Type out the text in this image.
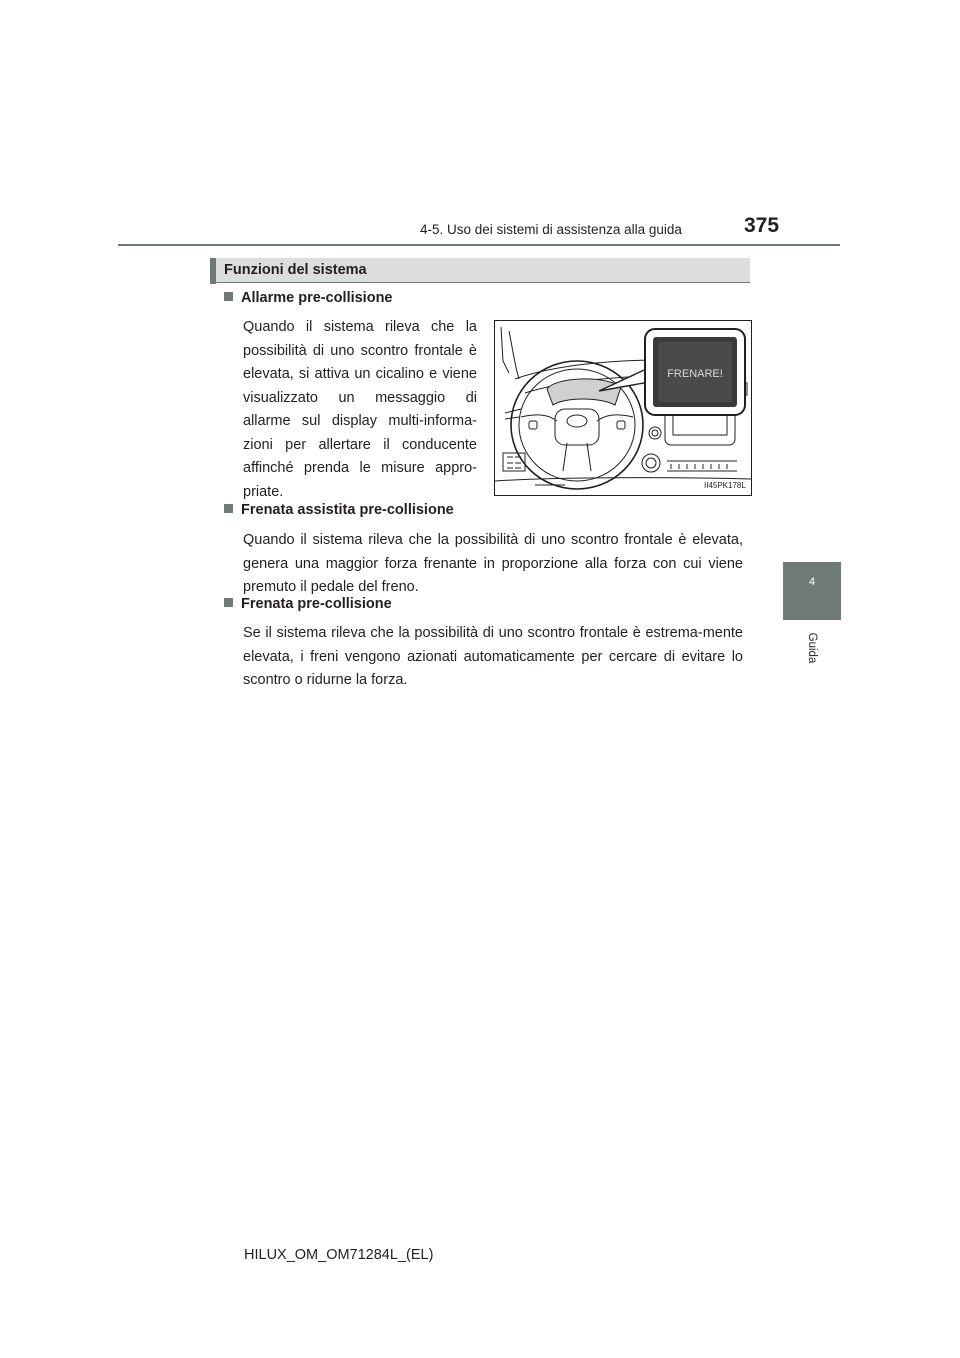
4-5. Uso dei sistemi di assistenza alla guida	375
4
Guida
Funzioni del sistema
Allarme pre-collisione
Quando il sistema rileva che la possibilità di uno scontro frontale è elevata, si attiva un cicalino e viene visualizzato un messaggio di allarme sul display multi-informa-zioni per allertare il conducente affinché prenda le misure appro-priate.
FRENARE!
II45PK178L
Frenata assistita pre-collisione
Quando il sistema rileva che la possibilità di uno scontro frontale è elevata, genera una maggior forza frenante in proporzione alla forza con cui viene premuto il pedale del freno.
Frenata pre-collisione
Se il sistema rileva che la possibilità di uno scontro frontale è estrema-mente elevata, i freni vengono azionati automaticamente per cercare di evitare lo scontro o ridurne la forza.
HILUX_OM_OM71284L_(EL)
